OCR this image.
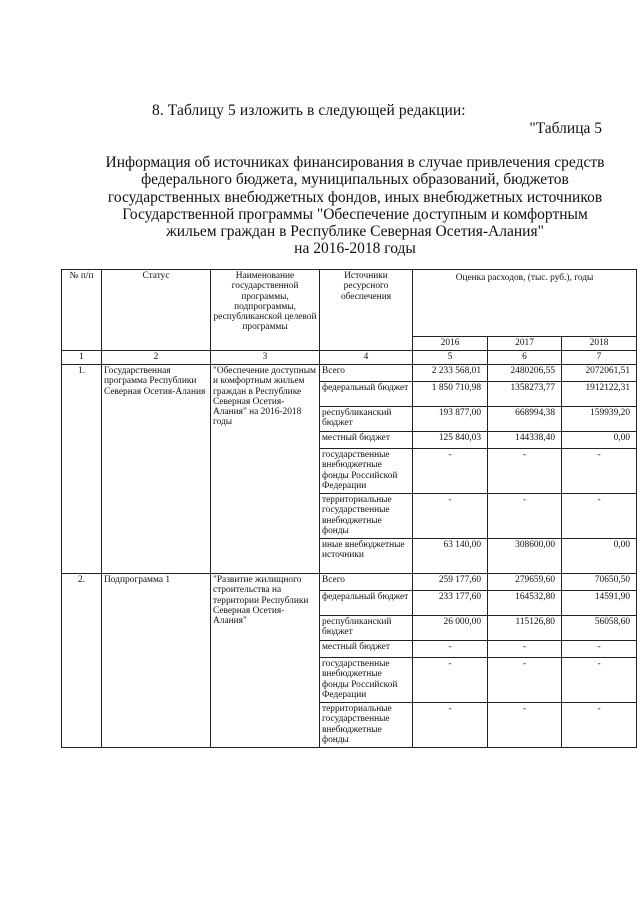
8. Таблицу 5 изложить в следующей редакции:
"Таблица 5
Информация об источниках финансирования в случае привлечения средств
федерального бюджета, муниципальных образований, бюджетов
государственных внебюджетных фондов, иных внебюджетных источников
Государственной программы "Обеспечение доступным и комфортным
жильем граждан в Республике Северная Осетия-Алания"
на 2016-2018 годы
№ п/п	Статус	Наименование государственной программы, подпрограммы, республиканской целевой программы	Источники ресурсного обеспечения	Оценка расходов, (тыс. руб.), годы		
				2016	2017	2018
1	2	3	4	5	6	7
1.	Государственная программа Республики Северная Осетия-Алания	"Обеспечение доступным и комфортным жильем граждан в Республике Северная Осетия-Алания" на 2016-2018 годы	Всего	2 233 568,01	2480206,55	2072061,51
			федеральный бюджет	1 850 710,98	1358273,77	1912122,31
			республиканский бюджет	193 877,00	668994,38	159939,20
			местный бюджет	125 840,03	144338,40	0,00
			государственные внебюджетные фонды Российской Федерации	-	-	-
			территориальные государственные внебюджетные фонды	-	-	-
			иные внебюджетные источники	63 140,00	308600,00	0,00
2.	Подпрограмма 1	"Развитие жилищного строительства на территории Республики Северная Осетия-Алания"	Всего	259 177,60	279659,60	70650,50
			федеральный бюджет	233 177,60	164532,80	14591,90
			республиканский бюджет	26 000,00	115126,80	56058,60
			местный бюджет	-	-	-
			государственные внебюджетные фонды Российской Федерации	-	-	-
			территориальные государственные внебюджетные фонды	-	-	-
